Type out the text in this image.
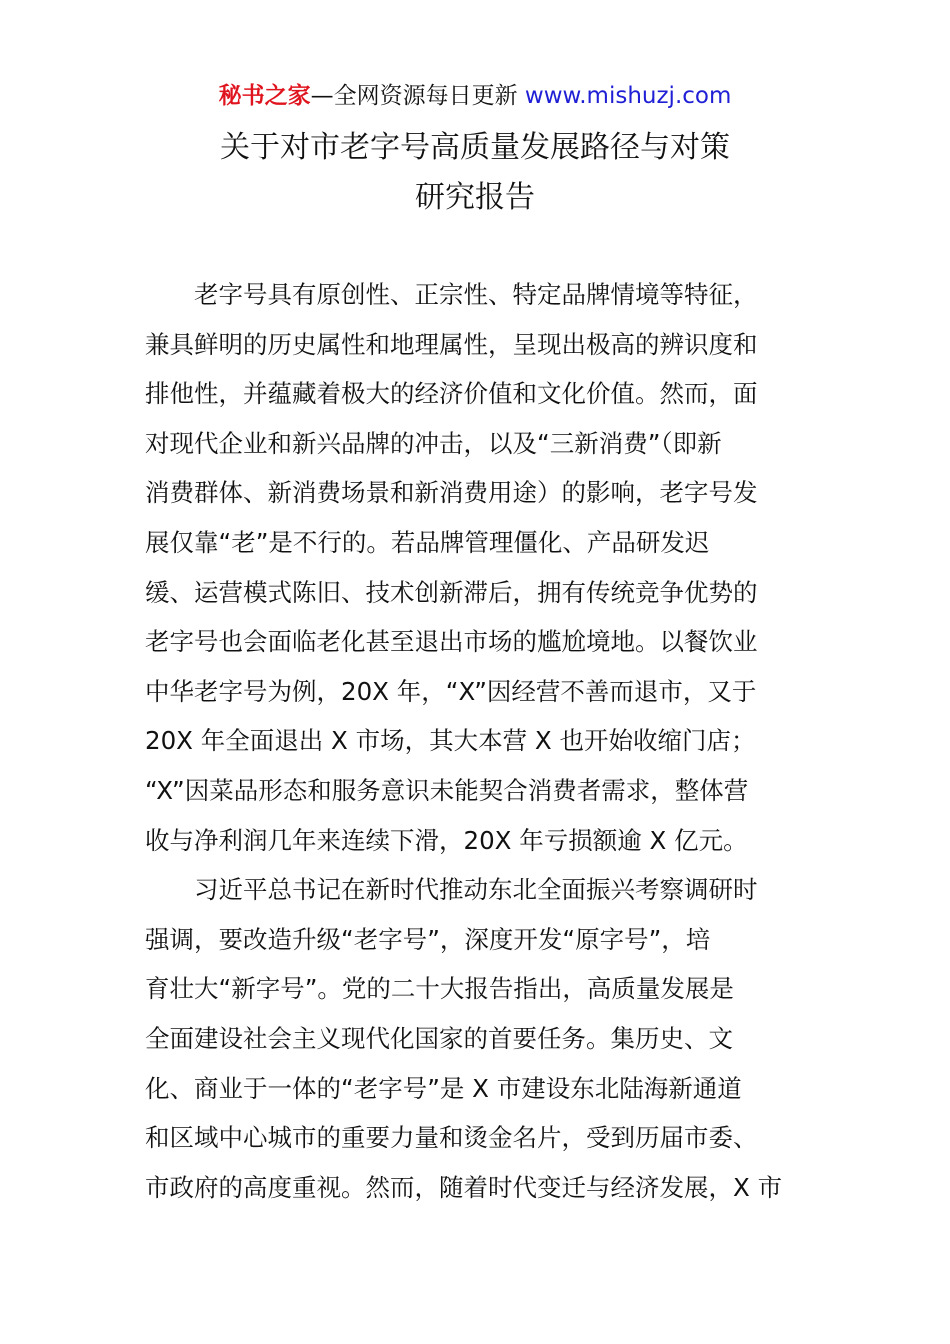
秘书之家—全网资源每日更新 www.mishuzj.com
关于对市老字号高质量发展路径与对策
研究报告
老字号具有原创性、正宗性、特定品牌情境等特征，
兼具鲜明的历史属性和地理属性，呈现出极高的辨识度和
排他性，并蕴藏着极大的经济价值和文化价值。然而，面
对现代企业和新兴品牌的冲击，以及“三新消费”（即新
消费群体、新消费场景和新消费用途）的影响，老字号发
展仅靠“老”是不行的。若品牌管理僵化、产品研发迟
缓、运营模式陈旧、技术创新滞后，拥有传统竞争优势的
老字号也会面临老化甚至退出市场的尴尬境地。以餐饮业
中华老字号为例，20X 年，“X”因经营不善而退市，又于
20X 年全面退出 X 市场，其大本营 X 也开始收缩门店；
“X”因菜品形态和服务意识未能契合消费者需求，整体营
收与净利润几年来连续下滑，20X 年亏损额逾 X 亿元。
习近平总书记在新时代推动东北全面振兴考察调研时
强调，要改造升级“老字号”，深度开发“原字号”，培
育壮大“新字号”。党的二十大报告指出，高质量发展是
全面建设社会主义现代化国家的首要任务。集历史、文
化、商业于一体的“老字号”是 X 市建设东北陆海新通道
和区域中心城市的重要力量和烫金名片，受到历届市委、
市政府的高度重视。然而，随着时代变迁与经济发展，X 市
